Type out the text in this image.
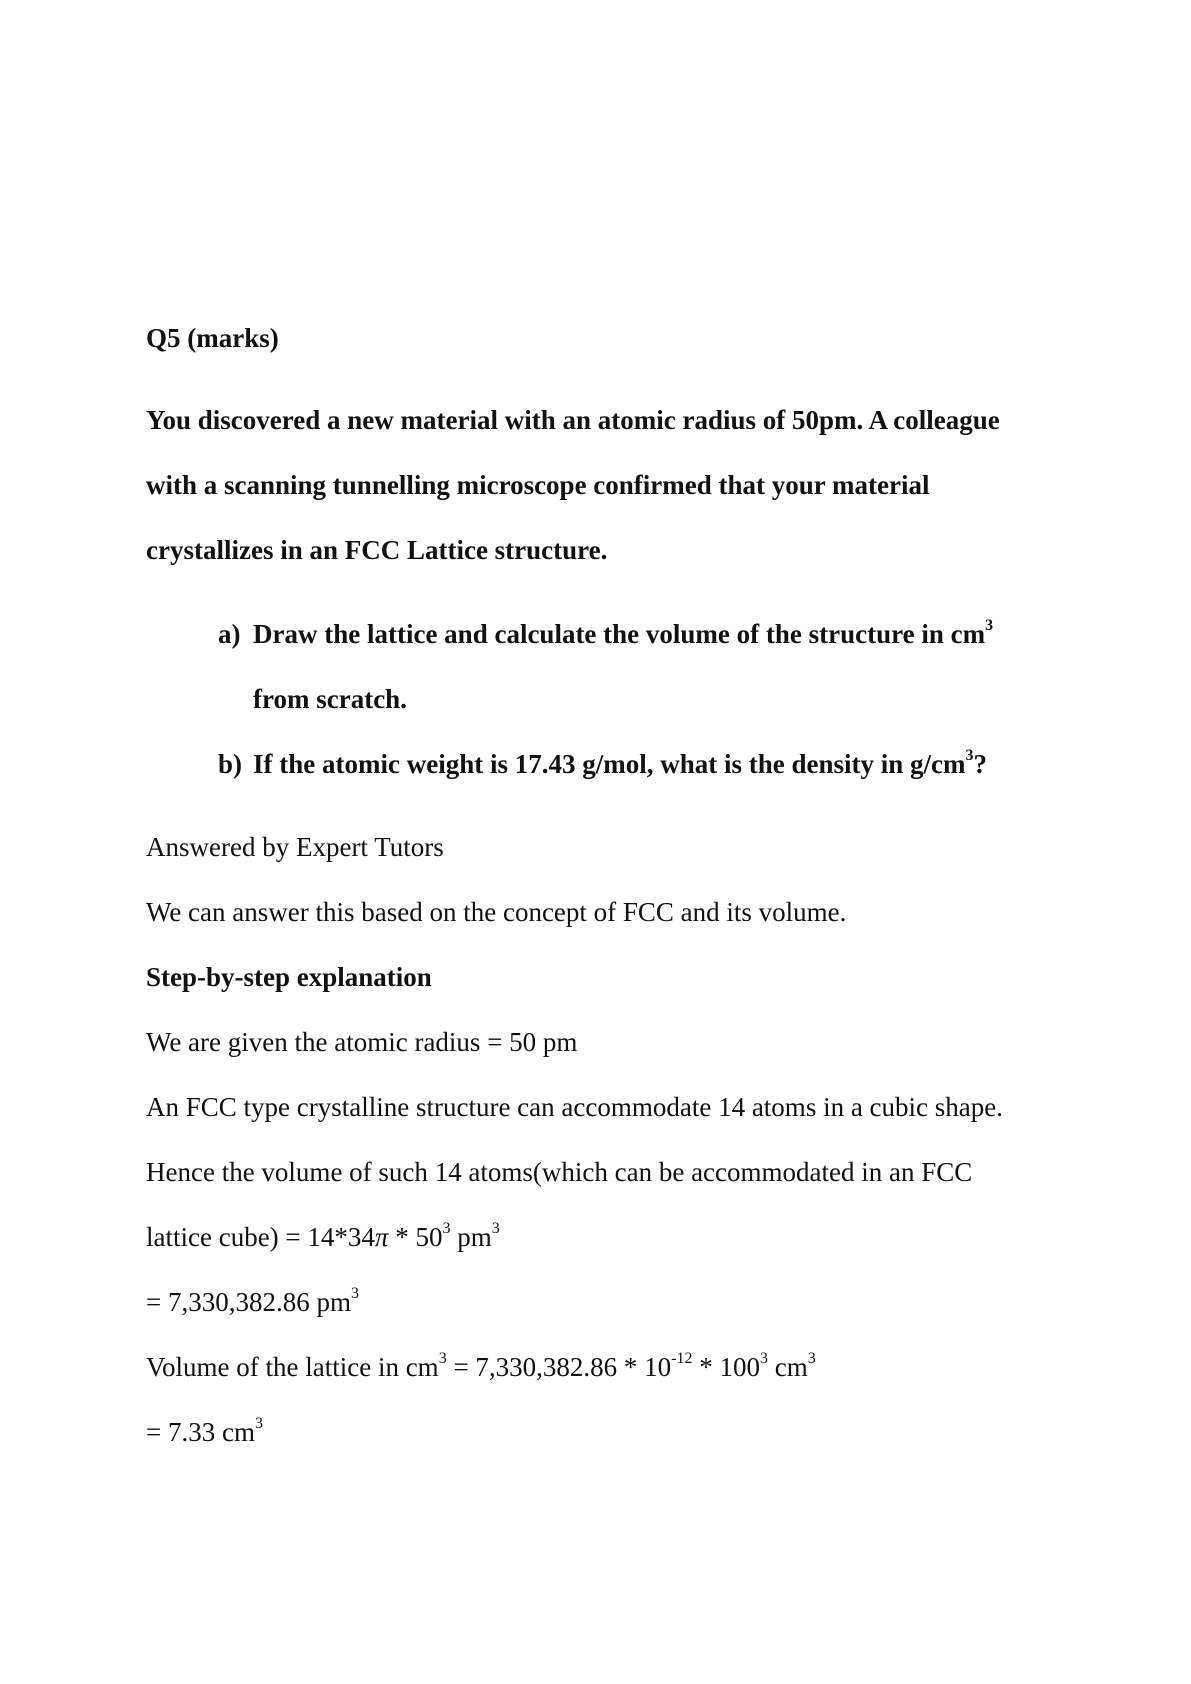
Q5 (marks)
You discovered a new material with an atomic radius of 50pm. A colleague
with a scanning tunnelling microscope confirmed that your material
crystallizes in an FCC Lattice structure.
a) Draw the lattice and calculate the volume of the structure in $cm^3$
from scratch.
b) If the atomic weight is 17.43 g/mol, what is the density in $g/cm^3$?
Answered by Expert Tutors
We can answer this based on the concept of FCC and its volume.
Step-by-step explanation
We are given the atomic radius = 50 pm
An FCC type crystalline structure can accommodate 14 atoms in a cubic shape.
Hence the volume of such 14 atoms(which can be accommodated in an FCC
lattice cube) = $14*34\pi * 50^3$ $pm^3$
= 7,330,382.86 $pm^3$
Volume of the lattice in $cm^3 = 7,330,382.86 * 10^{-12} * 100^3$ $cm^3$
= 7.33 $cm^3$
